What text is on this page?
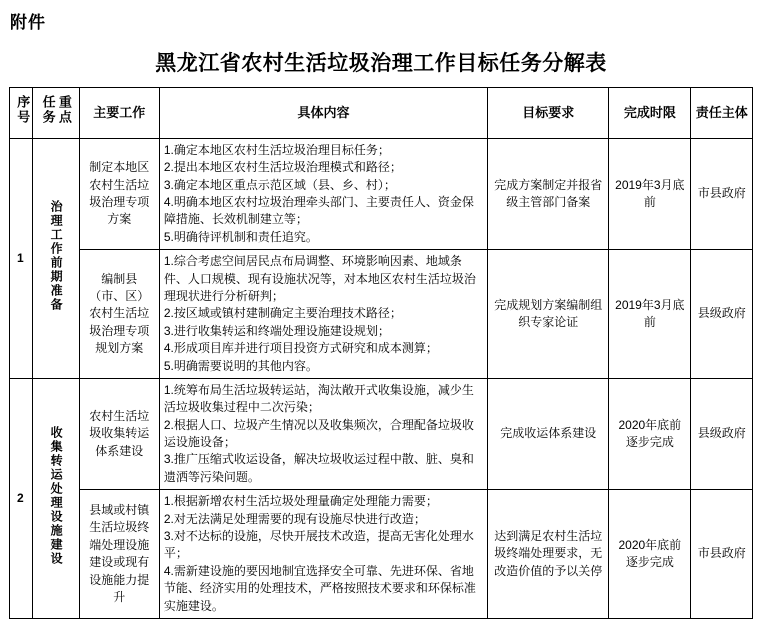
附件
黑龙江省农村生活垃圾治理工作目标任务分解表
序号	重点任务	主要工作	具体内容	目标要求	完成时限	责任主体
1	治理工作前期准备	制定本地区农村生活垃圾治理专项方案	1.确定本地区农村生活垃圾治理目标任务；
2.提出本地区农村生活垃圾治理模式和路径；
3.确定本地区重点示范区域（县、乡、村）；
4.明确本地区农村垃圾治理牵头部门、主要责任人、资金保障措施、长效机制建立等；
5.明确待评机制和责任追究。	完成方案制定并报省级主管部门备案	2019年3月底前	市县政府
		编制县（市、区）农村生活垃圾治理专项规划方案	1.综合考虑空间居民点布局调整、环境影响因素、地域条件、人口规模、现有设施状况等，对本地区农村生活垃圾治理现状进行分析研判；
2.按区域或镇村建制确定主要治理技术路径；
3.进行收集转运和终端处理设施建设规划；
4.形成项目库并进行项目投资方式研究和成本测算；
5.明确需要说明的其他内容。	完成规划方案编制组织专家论证	2019年3月底前	县级政府
2	收集转运处理设施建设	农村生活垃圾收集转运体系建设	1.统筹布局生活垃圾转运站，淘汰敞开式收集设施，减少生活垃圾收集过程中二次污染；
2.根据人口、垃圾产生情况以及收集频次，合理配备垃圾收运设施设备；
3.推广压缩式收运设备，解决垃圾收运过程中散、脏、臭和遗洒等污染问题。	完成收运体系建设	2020年底前逐步完成	县级政府
		县域或村镇生活垃圾终端处理设施建设或现有设施能力提升	1.根据新增农村生活垃圾处理量确定处理能力需要；
2.对无法满足处理需要的现有设施尽快进行改造；
3.对不达标的设施，尽快开展技术改造，提高无害化处理水平；
4.需新建设施的要因地制宜选择安全可靠、先进环保、省地节能、经济实用的处理技术，严格按照技术要求和环保标准实施建设。	达到满足农村生活垃圾终端处理要求，无改造价值的予以关停	2020年底前逐步完成	市县政府
